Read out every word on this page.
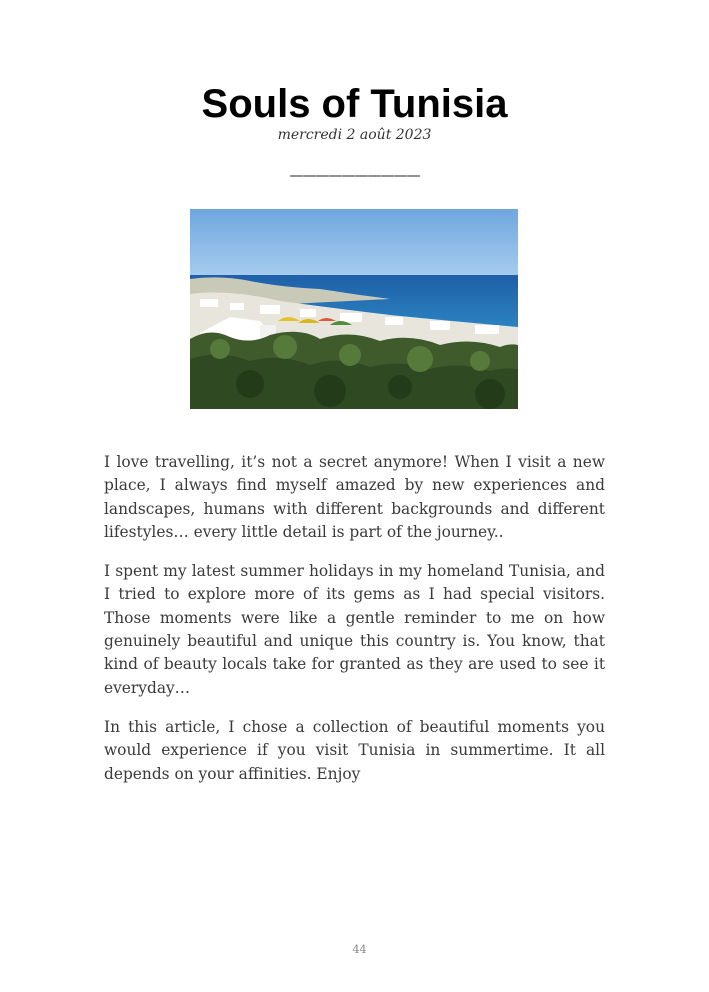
Souls of Tunisia
mercredi 2 août 2023
——————————

I love travelling, it’s not a secret anymore! When I visit a new place, I always find myself amazed by new experiences and landscapes, humans with different backgrounds and different lifestyles… every little detail is part of the journey..

I spent my latest summer holidays in my homeland Tunisia, and I tried to explore more of its gems as I had special visitors. Those moments were like a gentle reminder to me on how genuinely beautiful and unique this country is. You know, that kind of beauty locals take for granted as they are used to see it everyday…

In this article, I chose a collection of beautiful moments you would experience if you visit Tunisia in summertime. It all depends on your affinities. Enjoy

44
